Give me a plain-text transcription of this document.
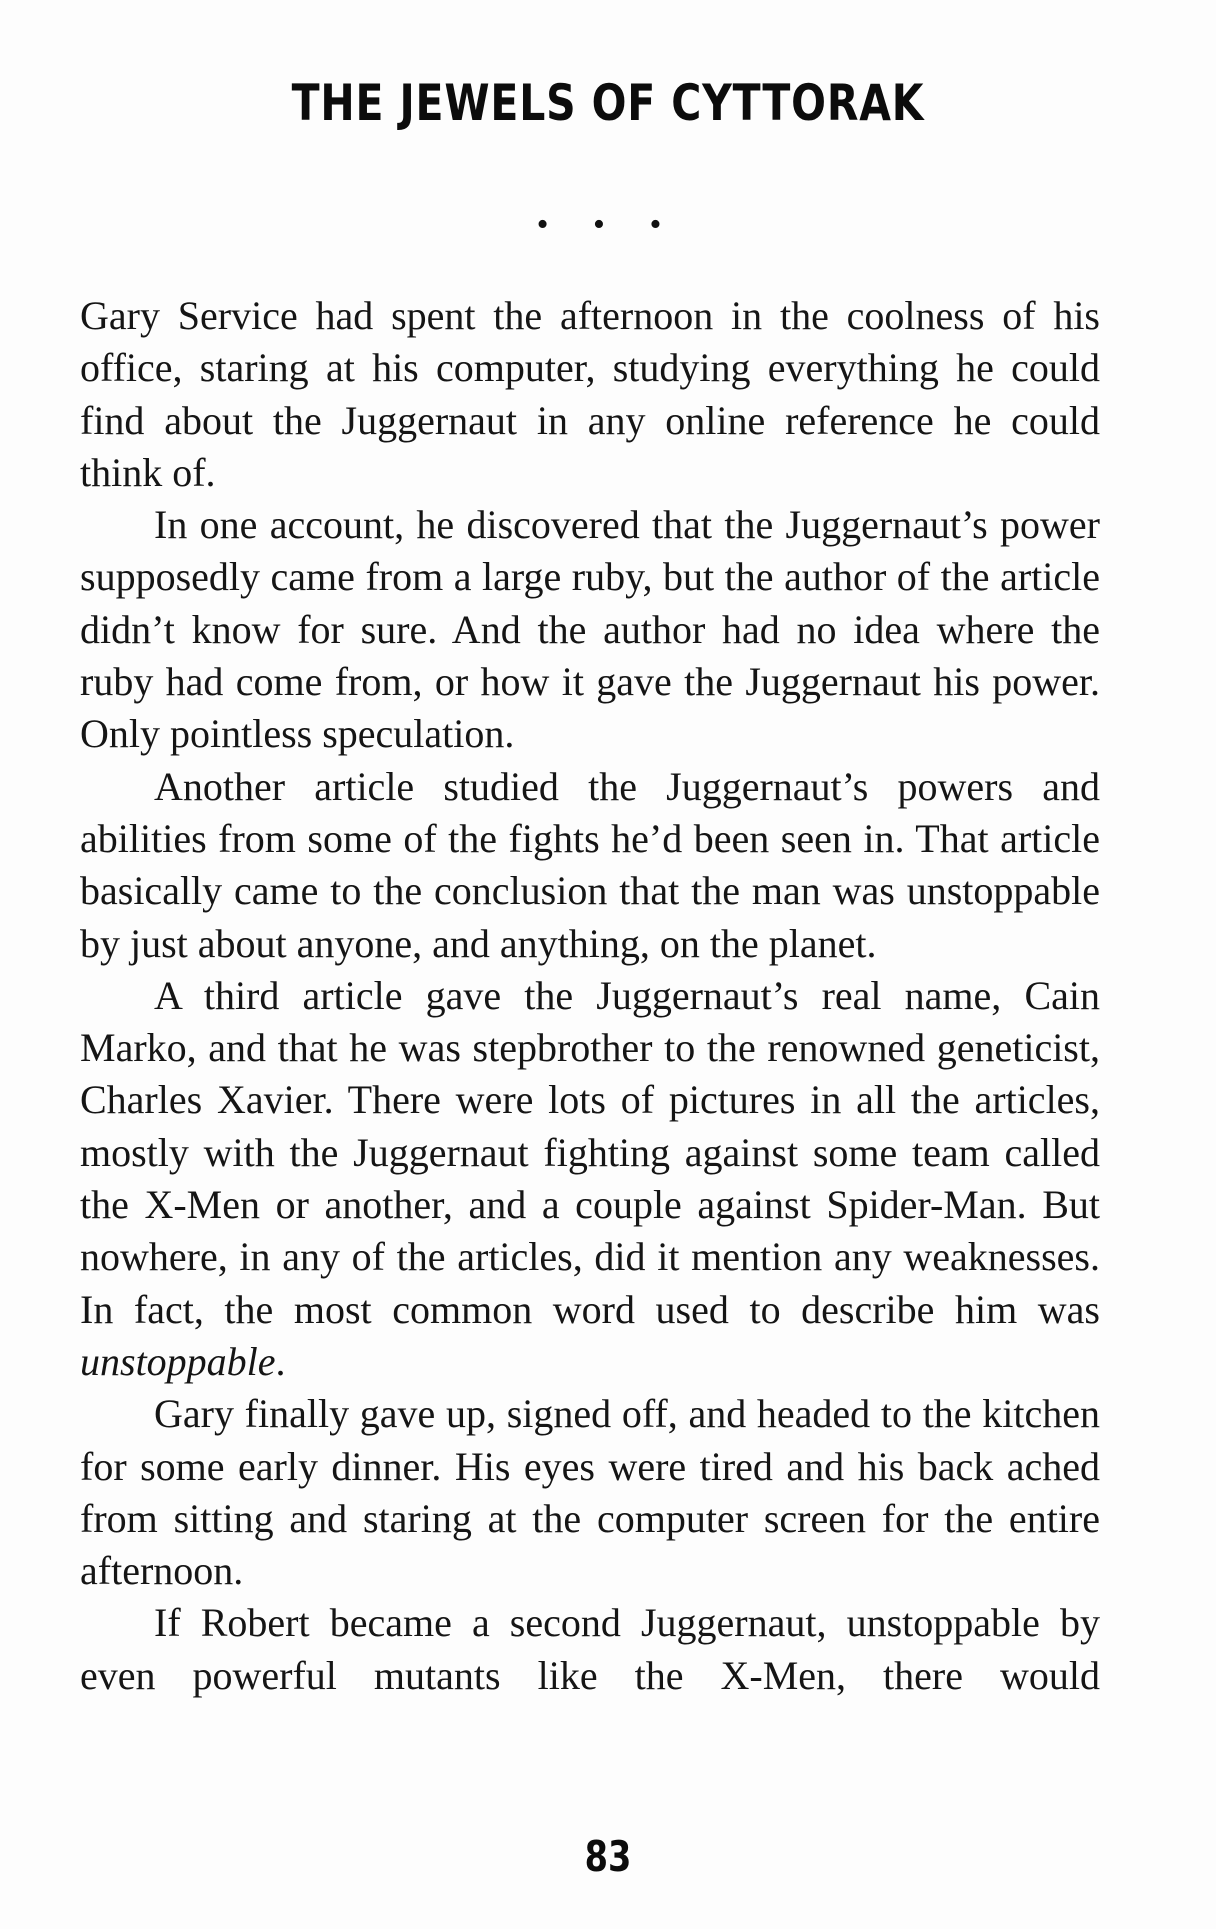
THE JEWELS OF CYTTORAK
• • •

Gary Service had spent the afternoon in the coolness of his office, staring at his computer, studying everything he could find about the Juggernaut in any online reference he could think of.

In one account, he discovered that the Juggernaut’s power supposedly came from a large ruby, but the author of the article didn’t know for sure. And the author had no idea where the ruby had come from, or how it gave the Juggernaut his power. Only pointless speculation.

Another article studied the Juggernaut’s powers and abilities from some of the fights he’d been seen in. That article basically came to the conclusion that the man was unstoppable by just about anyone, and anything, on the planet.

A third article gave the Juggernaut’s real name, Cain Marko, and that he was stepbrother to the renowned geneticist, Charles Xavier. There were lots of pictures in all the articles, mostly with the Juggernaut fighting against some team called the X-Men or another, and a couple against Spider-Man. But nowhere, in any of the articles, did it mention any weaknesses. In fact, the most common word used to describe him was unstoppable.

Gary finally gave up, signed off, and headed to the kitchen for some early dinner. His eyes were tired and his back ached from sitting and staring at the computer screen for the entire afternoon.

If Robert became a second Juggernaut, unstoppable by even powerful mutants like the X-Men, there would

83
